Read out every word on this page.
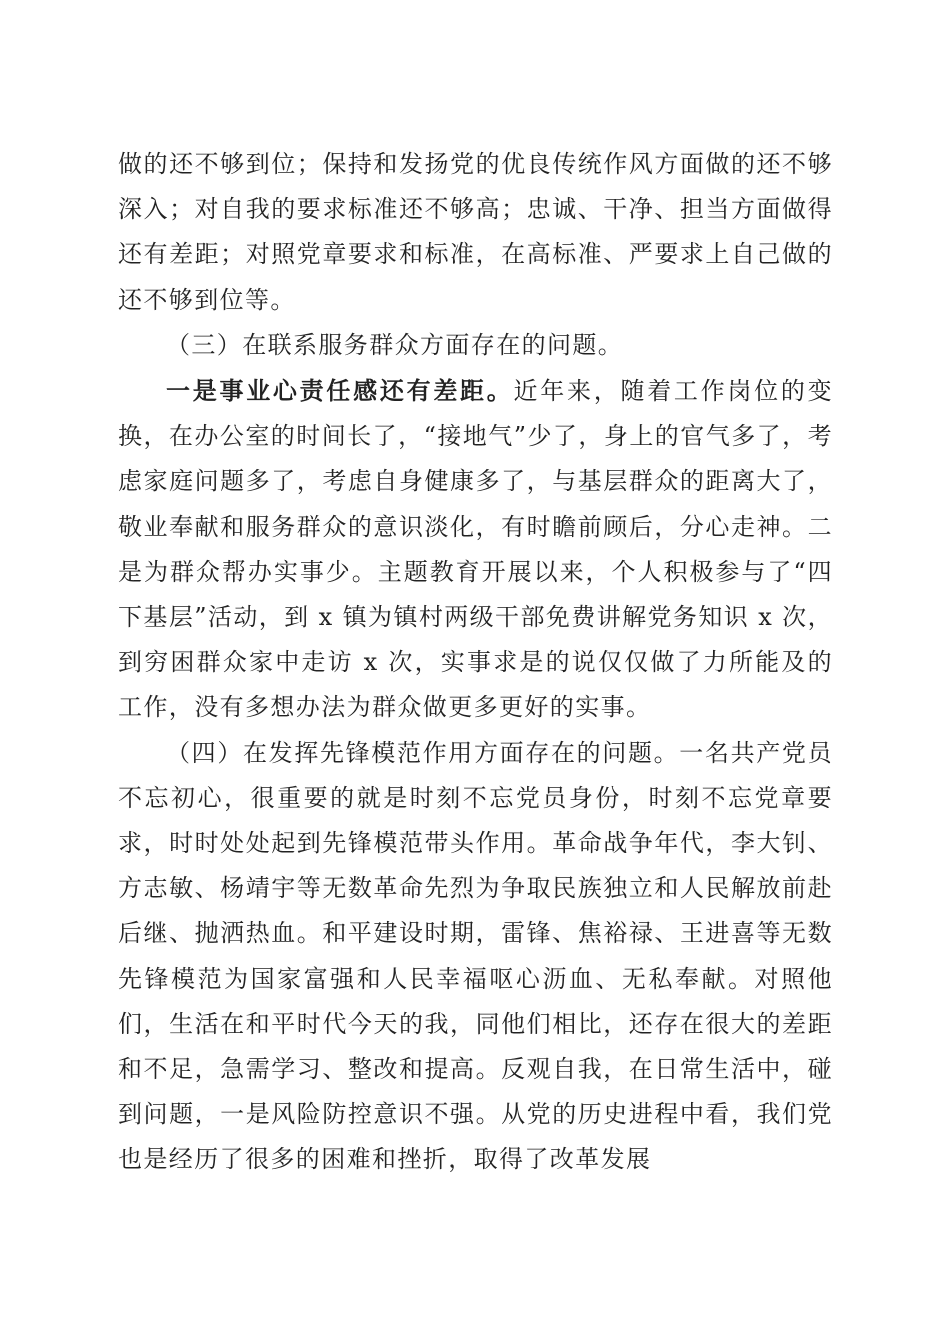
做的还不够到位；保持和发扬党的优良传统作风方面做的还不够深入；对自我的要求标准还不够高；忠诚、干净、担当方面做得还有差距；对照党章要求和标准，在高标准、严要求上自己做的还不够到位等。

（三）在联系服务群众方面存在的问题。

一是事业心责任感还有差距。近年来，随着工作岗位的变换，在办公室的时间长了，“接地气”少了，身上的官气多了，考虑家庭问题多了，考虑自身健康多了，与基层群众的距离大了，敬业奉献和服务群众的意识淡化，有时瞻前顾后，分心走神。二是为群众帮办实事少。主题教育开展以来，个人积极参与了“四下基层”活动，到 x 镇为镇村两级干部免费讲解党务知识 x 次，到穷困群众家中走访 x 次，实事求是的说仅仅做了力所能及的工作，没有多想办法为群众做更多更好的实事。

（四）在发挥先锋模范作用方面存在的问题。一名共产党员不忘初心，很重要的就是时刻不忘党员身份，时刻不忘党章要求，时时处处起到先锋模范带头作用。革命战争年代，李大钊、方志敏、杨靖宇等无数革命先烈为争取民族独立和人民解放前赴后继、抛洒热血。和平建设时期，雷锋、焦裕禄、王进喜等无数先锋模范为国家富强和人民幸福呕心沥血、无私奉献。对照他们，生活在和平时代今天的我，同他们相比，还存在很大的差距和不足，急需学习、整改和提高。反观自我，在日常生活中，碰到问题，一是风险防控意识不强。从党的历史进程中看，我们党也是经历了很多的困难和挫折，取得了改革发展
